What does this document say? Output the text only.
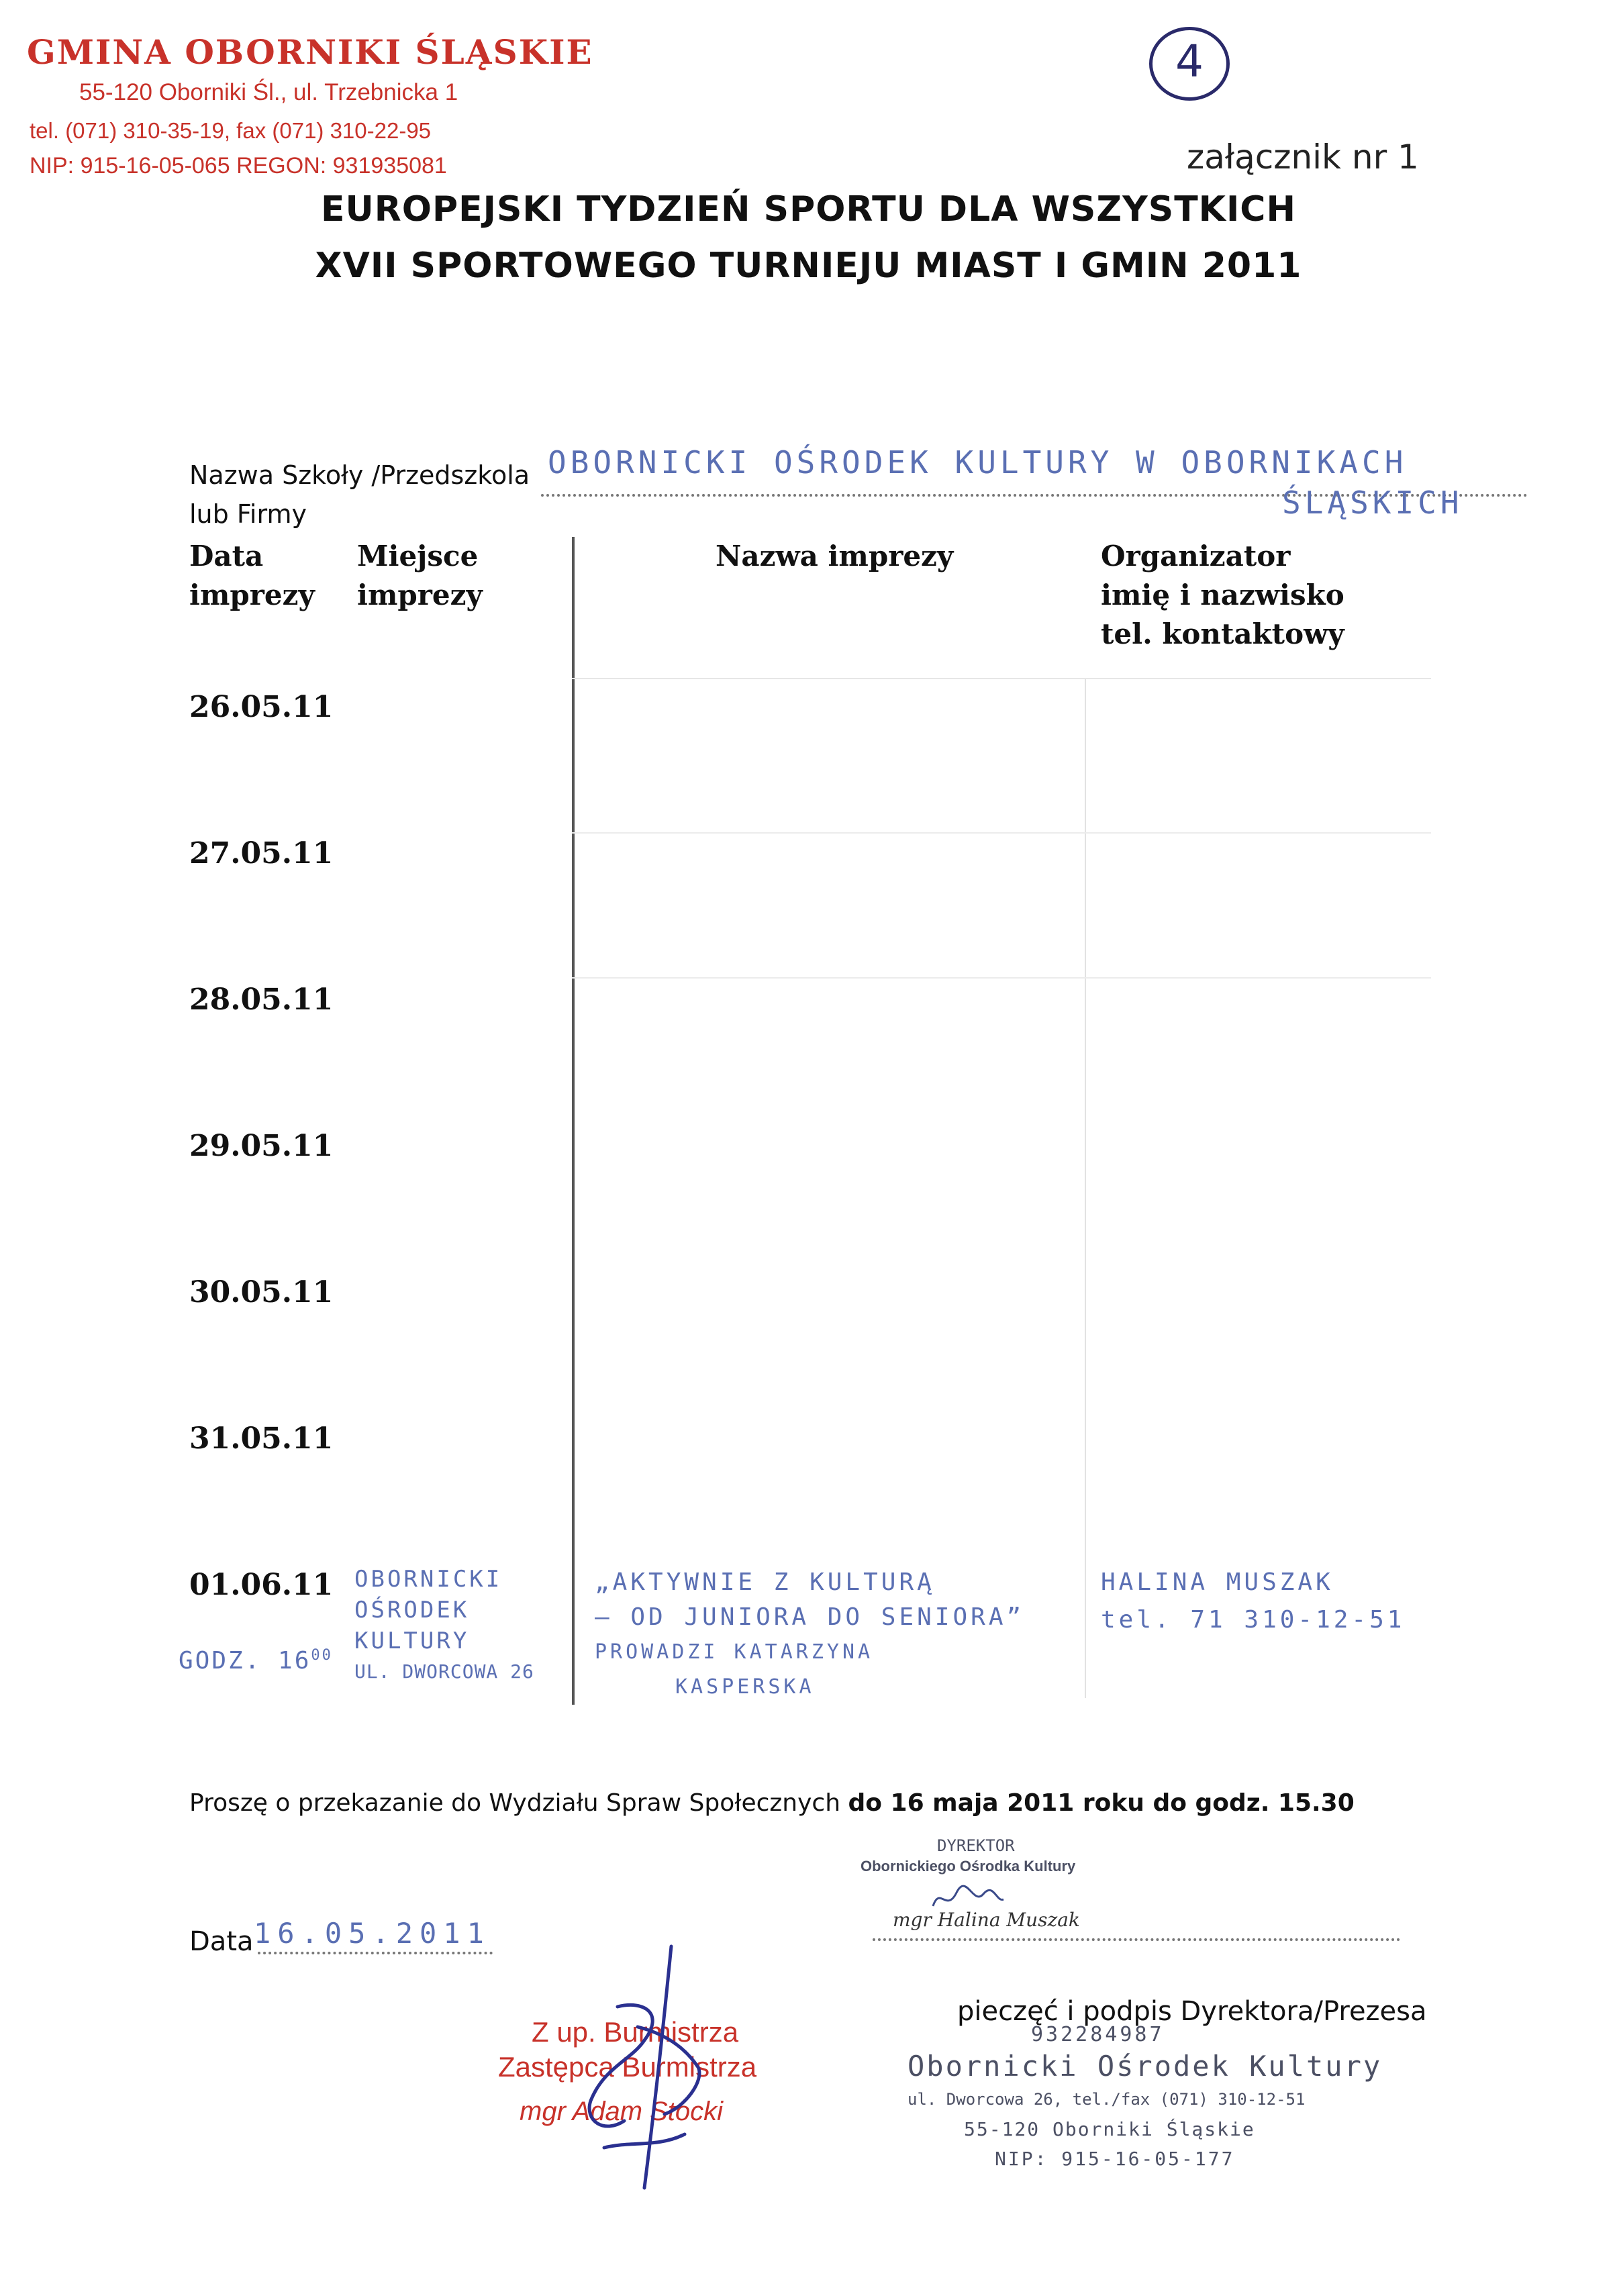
GMINA OBORNIKI ŚLĄSKIE
55-120 Oborniki Śl., ul. Trzebnicka 1
tel. (071) 310-35-19, fax (071) 310-22-95
NIP: 915-16-05-065 REGON: 931935081
4
załącznik nr 1
EUROPEJSKI TYDZIEŃ SPORTU DLA WSZYSTKICH
XVII SPORTOWEGO TURNIEJU MIAST I GMIN 2011
Nazwa Szkoły /Przedszkola
lub Firmy
OBORNICKI OŚRODEK KULTURY W OBORNIKACH
ŚLĄSKICH
Data
imprezy
Miejsce
imprezy
Nazwa imprezy	Organizator
imię i nazwisko
tel. kontaktowy
26.05.11
27.05.11
28.05.11
29.05.11
30.05.11
31.05.11
01.06.11
GODZ. $16^{00}$
OBORNICKI
OŚRODEK
KULTURY
UL. DWORCOWA 26
„AKTYWNIE Z KULTURĄ
– OD JUNIORA DO SENIORA”
PROWADZI KATARZYNA
KASPERSKA
HALINA MUSZAK
tel. 71 310-12-51
Proszę o przekazanie do Wydziału Spraw Społecznych do 16 maja 2011 roku do godz. 15.30
DYREKTOR
Obornickiego Ośrodka Kultury
mgr Halina Muszak
Data 16.05.2011
pieczęć i podpis Dyrektora/Prezesa
932284987
Obornicki Ośrodek Kultury
ul. Dworcowa 26, tel./fax (071) 310-12-51
55-120 Oborniki Śląskie
NIP: 915-16-05-177
Z up. Burmistrza
Zastępca Burmistrza
mgr Adam Stocki
